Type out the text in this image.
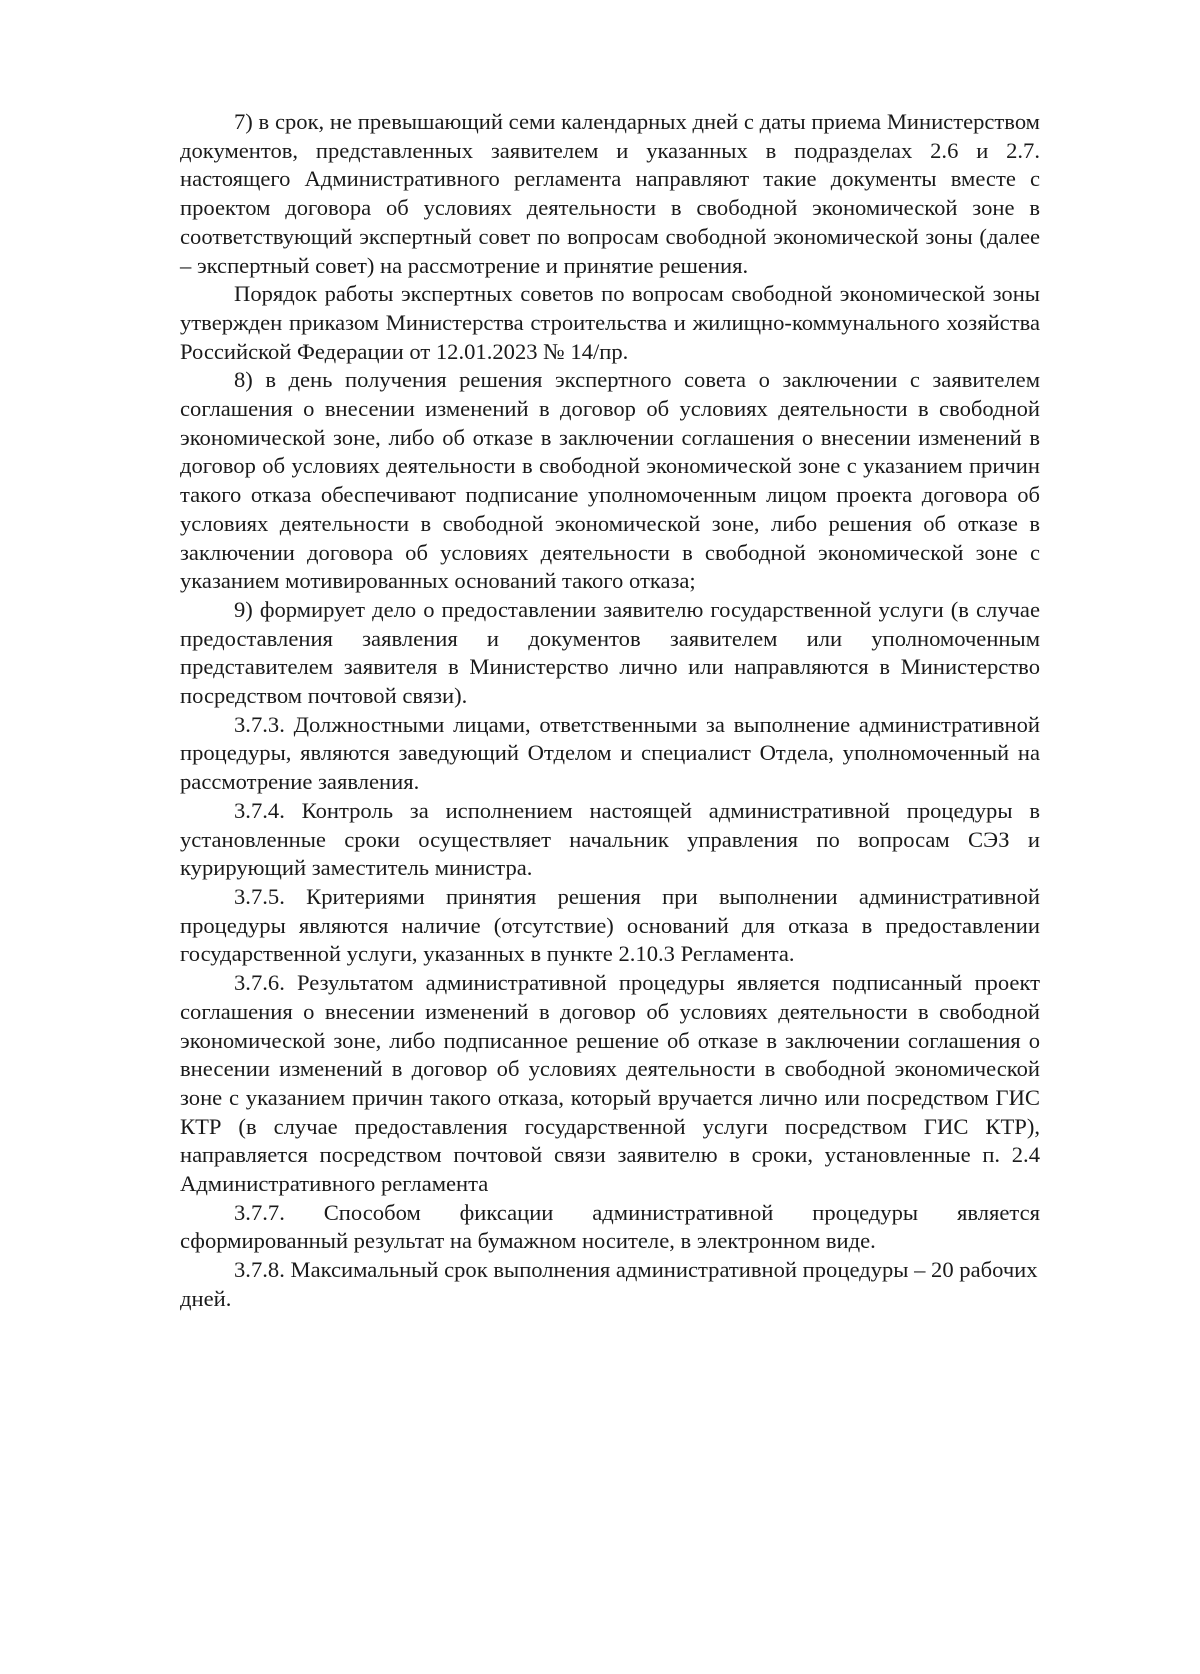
7) в срок, не превышающий семи календарных дней с даты приема Министерством документов, представленных заявителем и указанных в подразделах 2.6 и 2.7. настоящего Административного регламента направляют такие документы вместе с проектом договора об условиях деятельности в свободной экономической зоне в соответствующий экспертный совет по вопросам свободной экономической зоны (далее – экспертный совет) на рассмотрение и принятие решения.

Порядок работы экспертных советов по вопросам свободной экономической зоны утвержден приказом Министерства строительства и жилищно-коммунального хозяйства Российской Федерации от 12.01.2023 № 14/пр.

8) в день получения решения экспертного совета о заключении с заявителем соглашения о внесении изменений в договор об условиях деятельности в свободной экономической зоне, либо об отказе в заключении соглашения о внесении изменений в договор об условиях деятельности в свободной экономической зоне с указанием причин такого отказа обеспечивают подписание уполномоченным лицом проекта договора об условиях деятельности в свободной экономической зоне, либо решения об отказе в заключении договора об условиях деятельности в свободной экономической зоне с указанием мотивированных оснований такого отказа;

9) формирует дело о предоставлении заявителю государственной услуги (в случае предоставления заявления и документов заявителем или уполномоченным представителем заявителя в Министерство лично или направляются в Министерство посредством почтовой связи).

3.7.3. Должностными лицами, ответственными за выполнение административной процедуры, являются заведующий Отделом и специалист Отдела, уполномоченный на рассмотрение заявления.

3.7.4. Контроль за исполнением настоящей административной процедуры в установленные сроки осуществляет начальник управления по вопросам СЭЗ и курирующий заместитель министра.

3.7.5. Критериями принятия решения при выполнении административной процедуры являются наличие (отсутствие) оснований для отказа в предоставлении государственной услуги, указанных в пункте 2.10.3 Регламента.

3.7.6. Результатом административной процедуры является подписанный проект соглашения о внесении изменений в договор об условиях деятельности в свободной экономической зоне, либо подписанное решение об отказе в заключении соглашения о внесении изменений в договор об условиях деятельности в свободной экономической зоне с указанием причин такого отказа, который вручается лично или посредством ГИС КТР (в случае предоставления государственной услуги посредством ГИС КТР), направляется посредством почтовой связи заявителю в сроки, установленные п. 2.4 Административного регламента

3.7.7. Способом фиксации административной процедуры является сформированный результат на бумажном носителе, в электронном виде.

3.7.8. Максимальный срок выполнения административной процедуры – 20 рабочих дней.
